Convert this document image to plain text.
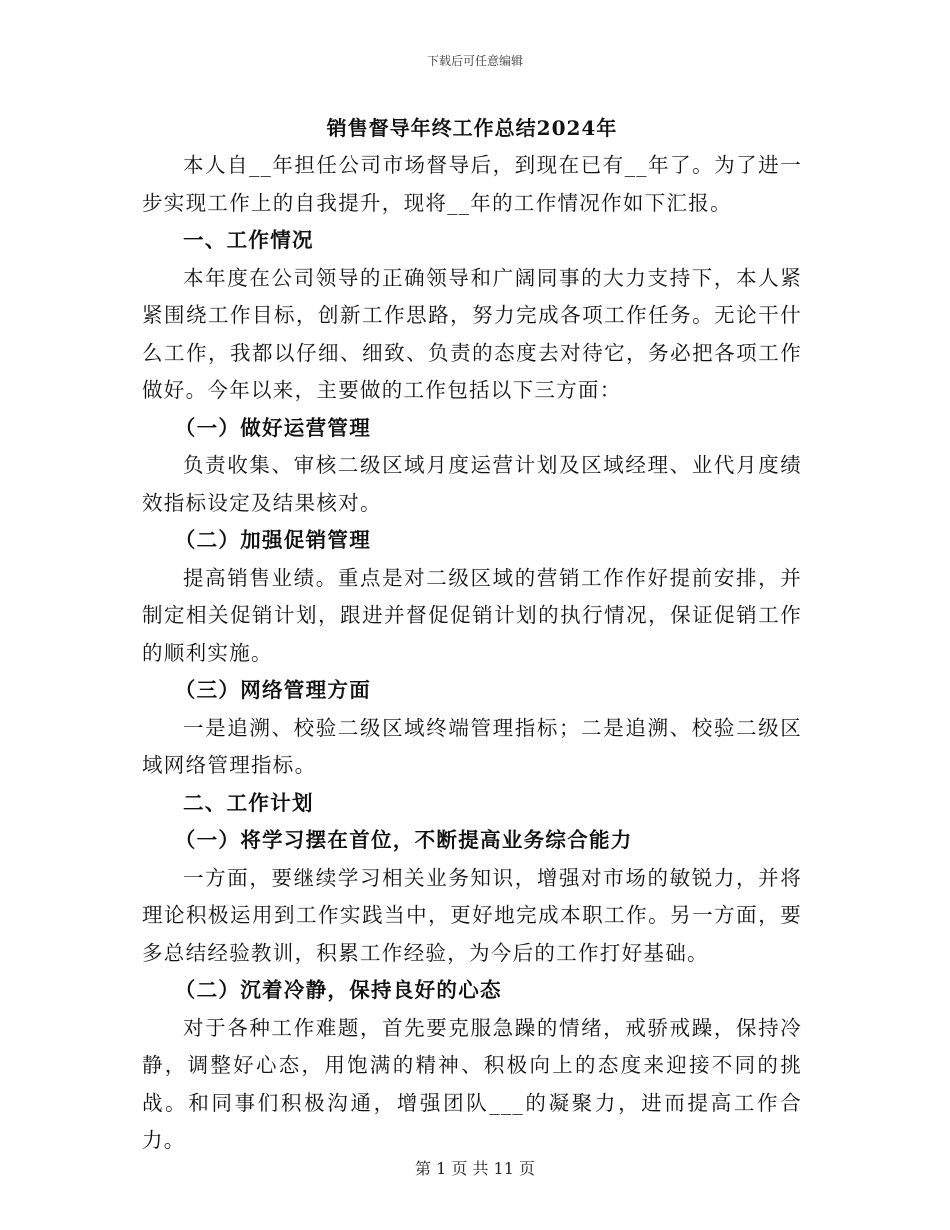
下载后可任意编辑
销售督导年终工作总结2024年

本人自__年担任公司市场督导后，到现在已有__年了。为了进一步实现工作上的自我提升，现将__年的工作情况作如下汇报。

一、工作情况

本年度在公司领导的正确领导和广阔同事的大力支持下，本人紧紧围绕工作目标，创新工作思路，努力完成各项工作任务。无论干什么工作，我都以仔细、细致、负责的态度去对待它，务必把各项工作做好。今年以来，主要做的工作包括以下三方面：

（一）做好运营管理

负责收集、审核二级区域月度运营计划及区域经理、业代月度绩效指标设定及结果核对。

（二）加强促销管理

提高销售业绩。重点是对二级区域的营销工作作好提前安排，并制定相关促销计划，跟进并督促促销计划的执行情况，保证促销工作的顺利实施。

（三）网络管理方面

一是追溯、校验二级区域终端管理指标；二是追溯、校验二级区域网络管理指标。

二、工作计划

（一）将学习摆在首位，不断提高业务综合能力

一方面，要继续学习相关业务知识，增强对市场的敏锐力，并将理论积极运用到工作实践当中，更好地完成本职工作。另一方面，要多总结经验教训，积累工作经验，为今后的工作打好基础。

（二）沉着冷静，保持良好的心态

对于各种工作难题，首先要克服急躁的情绪，戒骄戒躁，保持冷静，调整好心态，用饱满的精神、积极向上的态度来迎接不同的挑战。和同事们积极沟通，增强团队___的凝聚力，进而提高工作合力。

第 1 页 共 11 页
